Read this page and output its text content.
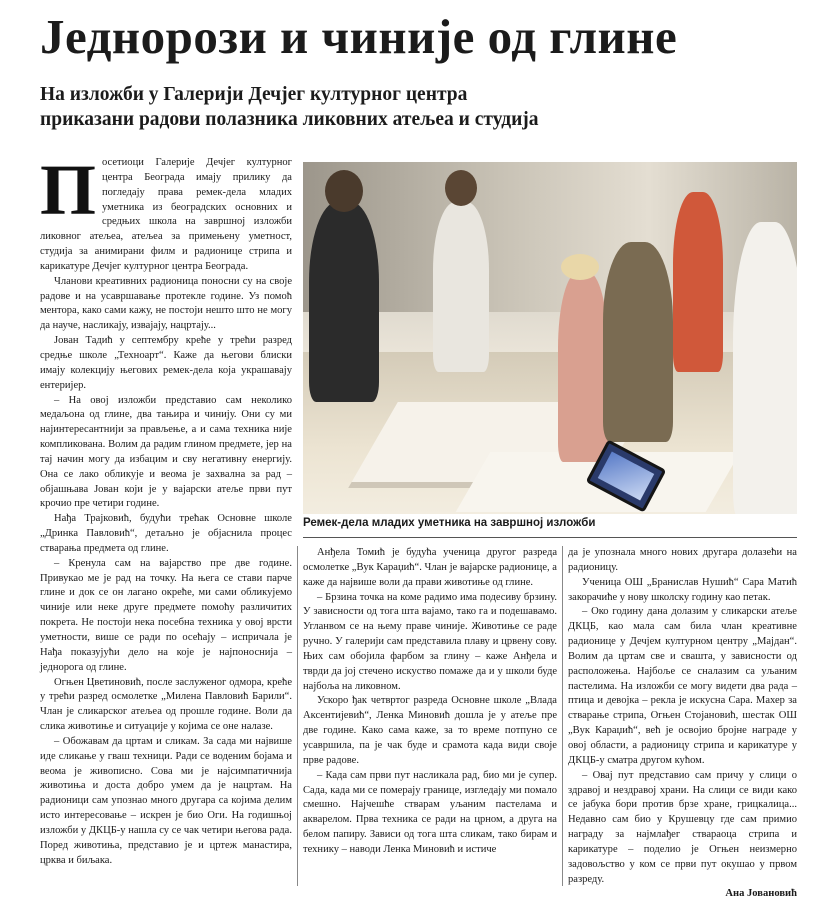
Једнорози и чиније од глине
На изложби у Галерији Дечјег културног центра
приказани радови полазника ликовних атељеа и студија

Посетиоци Галерије Дечјег културног центра Београда имају прилику да погледају права ремек-дела младих уметника из београдских основних и средњих школа на завршној изложби ликовног атељеа, атељеа за примењену уметност, студија за анимирани филм и радионице стрипа и карикатуре Дечјег културног центра Београда.

Чланови креативних радионица поносни су на своје радове и на усавршавање протекле године. Уз помоћ ментора, како сами кажу, не постоји нешто што не могу да науче, насликају, извајају, нацртају...

Јован Тадић у септембру креће у трећи разред средње школе „Техноарт“. Каже да његови блиски имају колекцију његових ремек-дела која украшавају ентеријер.

– На овој изложби представио сам неколико медаљона од глине, два тањира и чинију. Они су ми најинтересантнији за прављење, а и сама техника није компликована. Волим да радим глином предмете, јер на тај начин могу да избацим и сву негативну енергију. Она се лако обликује и веома је захвална за рад – објашњава Јован који је у вајарски атеље први пут крочио пре четири године.

Нађа Трајковић, будући трећак Основне школе „Дринка Павловић“, детаљно је објаснила процес стварања предмета од глине.

– Кренула сам на вајарство пре две године. Привукао ме је рад на точку. На њега се стави парче глине и док се он лагано окреће, ми сами обликујемо чиније или неке друге предмете помоћу различитих покрета. Не постоји нека посебна техника у овој врсти уметности, више се ради по осећају – испричала је Нађа показујући дело на које је најпоноснија – једнорога од глине.

Огњен Цветиновић, после заслуженог одмора, креће у трећи разред осмолетке „Милена Павловић Барили“. Члан је сликарског атељеа од прошле године. Воли да слика животиње и ситуације у којима се оне налазе.

– Обожавам да цртам и сликам. За сада ми највише иде сликање у гваш техници. Ради се воденим бојама и веома је живописно. Сова ми је најсимпатичнија животиња и доста добро умем да је нацртам. На радионици сам упознао много другара са којима делим исто интересовање – искрен је био Оги. На годишњој изложби у ДКЦБ-у нашла су се чак четири његова рада. Поред животиња, представио је и цртеж манастира, црква и биљака.

Ремек-дела младих уметника на завршној изложби

Анђела Томић је будућа ученица другог разреда осмолетке „Вук Караџић“. Члан је вајарске радионице, а каже да највише воли да прави животиње од глине.

– Брзина точка на коме радимо има подесиву брзину. У зависности од тога шта вајамо, тако га и подешавамо. Угланвом се на њему праве чиније. Животиње се раде ручно. У галерији сам представила плаву и црвену сову. Њих сам обојила фарбом за глину – каже Анђела и тврди да јој стечено искуство помаже да и у школи буде најбоља на ликовном.

Ускоро ђак четвртог разреда Основне школе „Влада Аксентијевић“, Ленка Миновић дошла је у атеље пре две године. Како сама каже, за то време потпуно се усавршила, па је чак буде и срамота када види своје прве радове.

– Када сам први пут насликала рад, био ми је супер. Сада, када ми се померају границе, изгледају ми помало смешно. Најчешће стварам уљаним пастелама и акварелом. Прва техника се ради на црном, а друга на белом папиру. Зависи од тога шта сликам, тако бирам и технику – наводи Ленка Миновић и истиче

да је упознала много нових другара долазећи на радионицу.

Ученица ОШ „Бранислав Нушић“ Сара Матић закорачиће у нову школску годину као петак.

– Око годину дана долазим у сликарски атеље ДКЦБ, као мала сам била члан креативне радионице у Дечјем културном центру „Мајдан“. Волим да цртам све и свашта, у зависности од расположења. Најбоље се сналазим са уљаним пастелима. На изложби се могу видети два рада – птица и девојка – рекла је искусна Сара. Махер за стварање стрипа, Огњен Стојановић, шестак ОШ „Вук Караџић“, већ је освојио бројне награде у овој области, а радионицу стрипа и карикатуре у ДКЦБ-у сматра другом кућом.

– Овај пут представио сам причу у слици о здравој и нездравој храни. На слици се види како се јабука бори против брзе хране, грицкалица... Недавно сам био у Крушевцу где сам примио награду за најмлађег ствараоца стрипа и карикатуре – поделио је Огњен неизмерно задовољство у ком се први пут окушао у првом разреду.

Ана Јовановић
